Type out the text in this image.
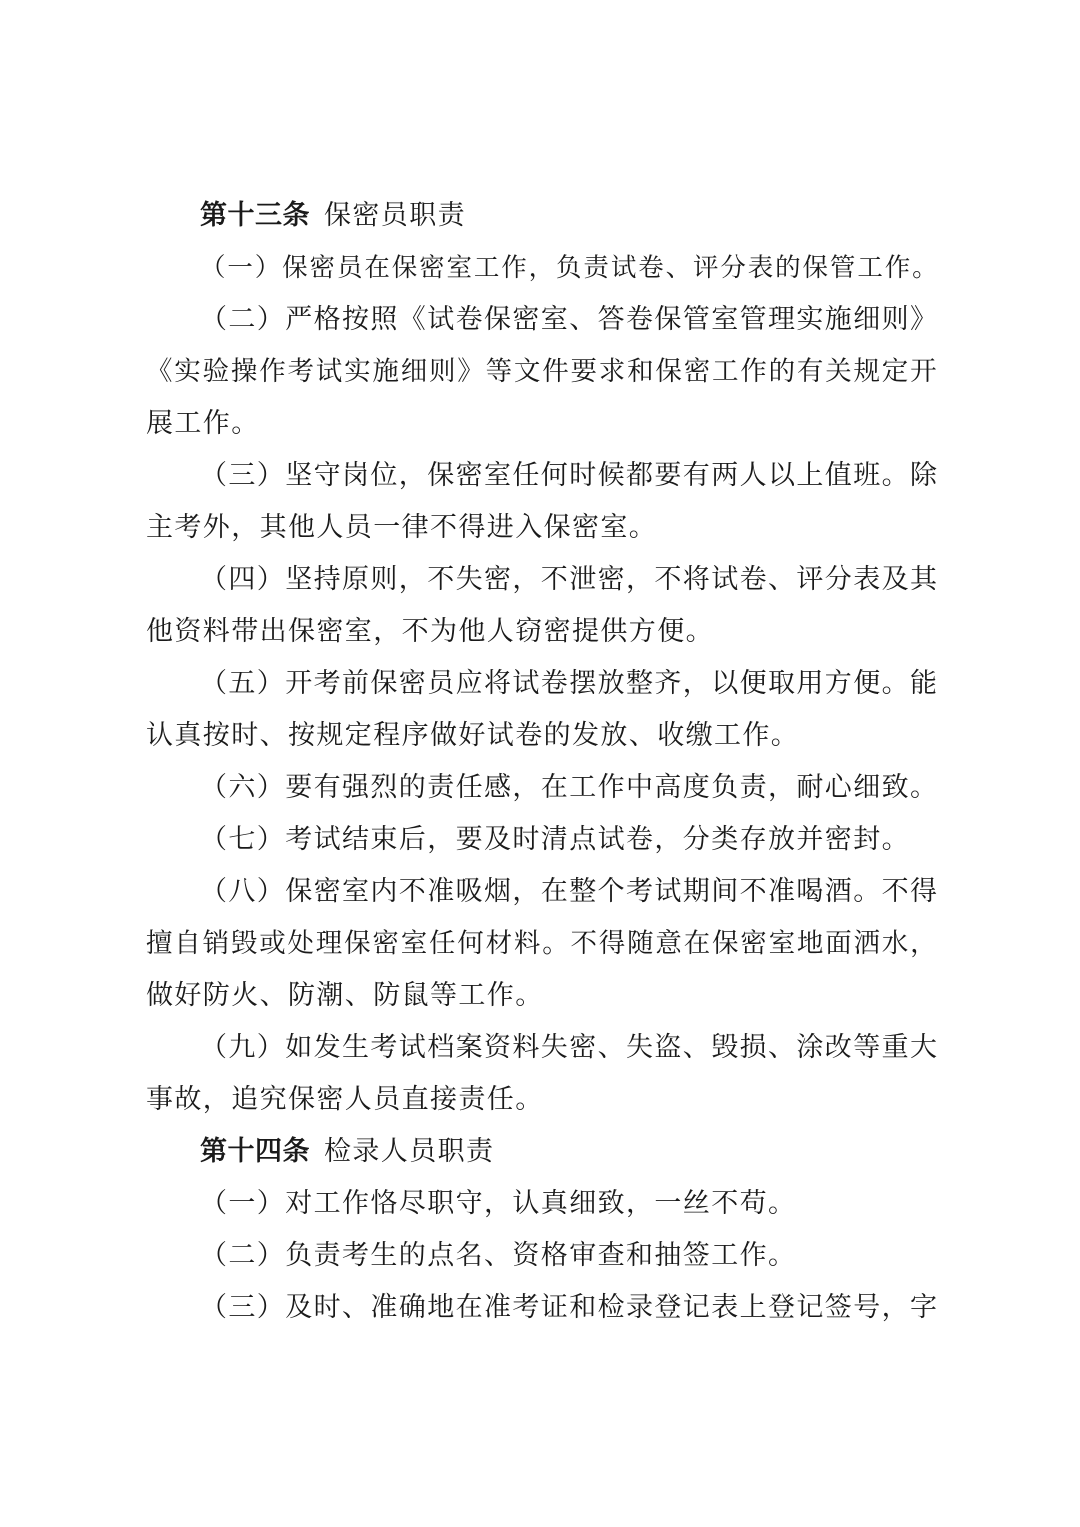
第十三条 保密员职责
（一）保密员在保密室工作，负责试卷、评分表的保管工作。
（二）严格按照《试卷保密室、答卷保管室管理实施细则》
《实验操作考试实施细则》等文件要求和保密工作的有关规定开
展工作。
（三）坚守岗位，保密室任何时候都要有两人以上值班。除
主考外，其他人员一律不得进入保密室。
（四）坚持原则，不失密，不泄密，不将试卷、评分表及其
他资料带出保密室，不为他人窃密提供方便。
（五）开考前保密员应将试卷摆放整齐，以便取用方便。能
认真按时、按规定程序做好试卷的发放、收缴工作。
（六）要有强烈的责任感，在工作中高度负责，耐心细致。
（七）考试结束后，要及时清点试卷，分类存放并密封。
（八）保密室内不准吸烟，在整个考试期间不准喝酒。不得
擅自销毁或处理保密室任何材料。不得随意在保密室地面洒水，
做好防火、防潮、防鼠等工作。
（九）如发生考试档案资料失密、失盗、毁损、涂改等重大
事故，追究保密人员直接责任。
第十四条 检录人员职责
（一）对工作恪尽职守，认真细致，一丝不苟。
（二）负责考生的点名、资格审查和抽签工作。
（三）及时、准确地在准考证和检录登记表上登记签号，字
